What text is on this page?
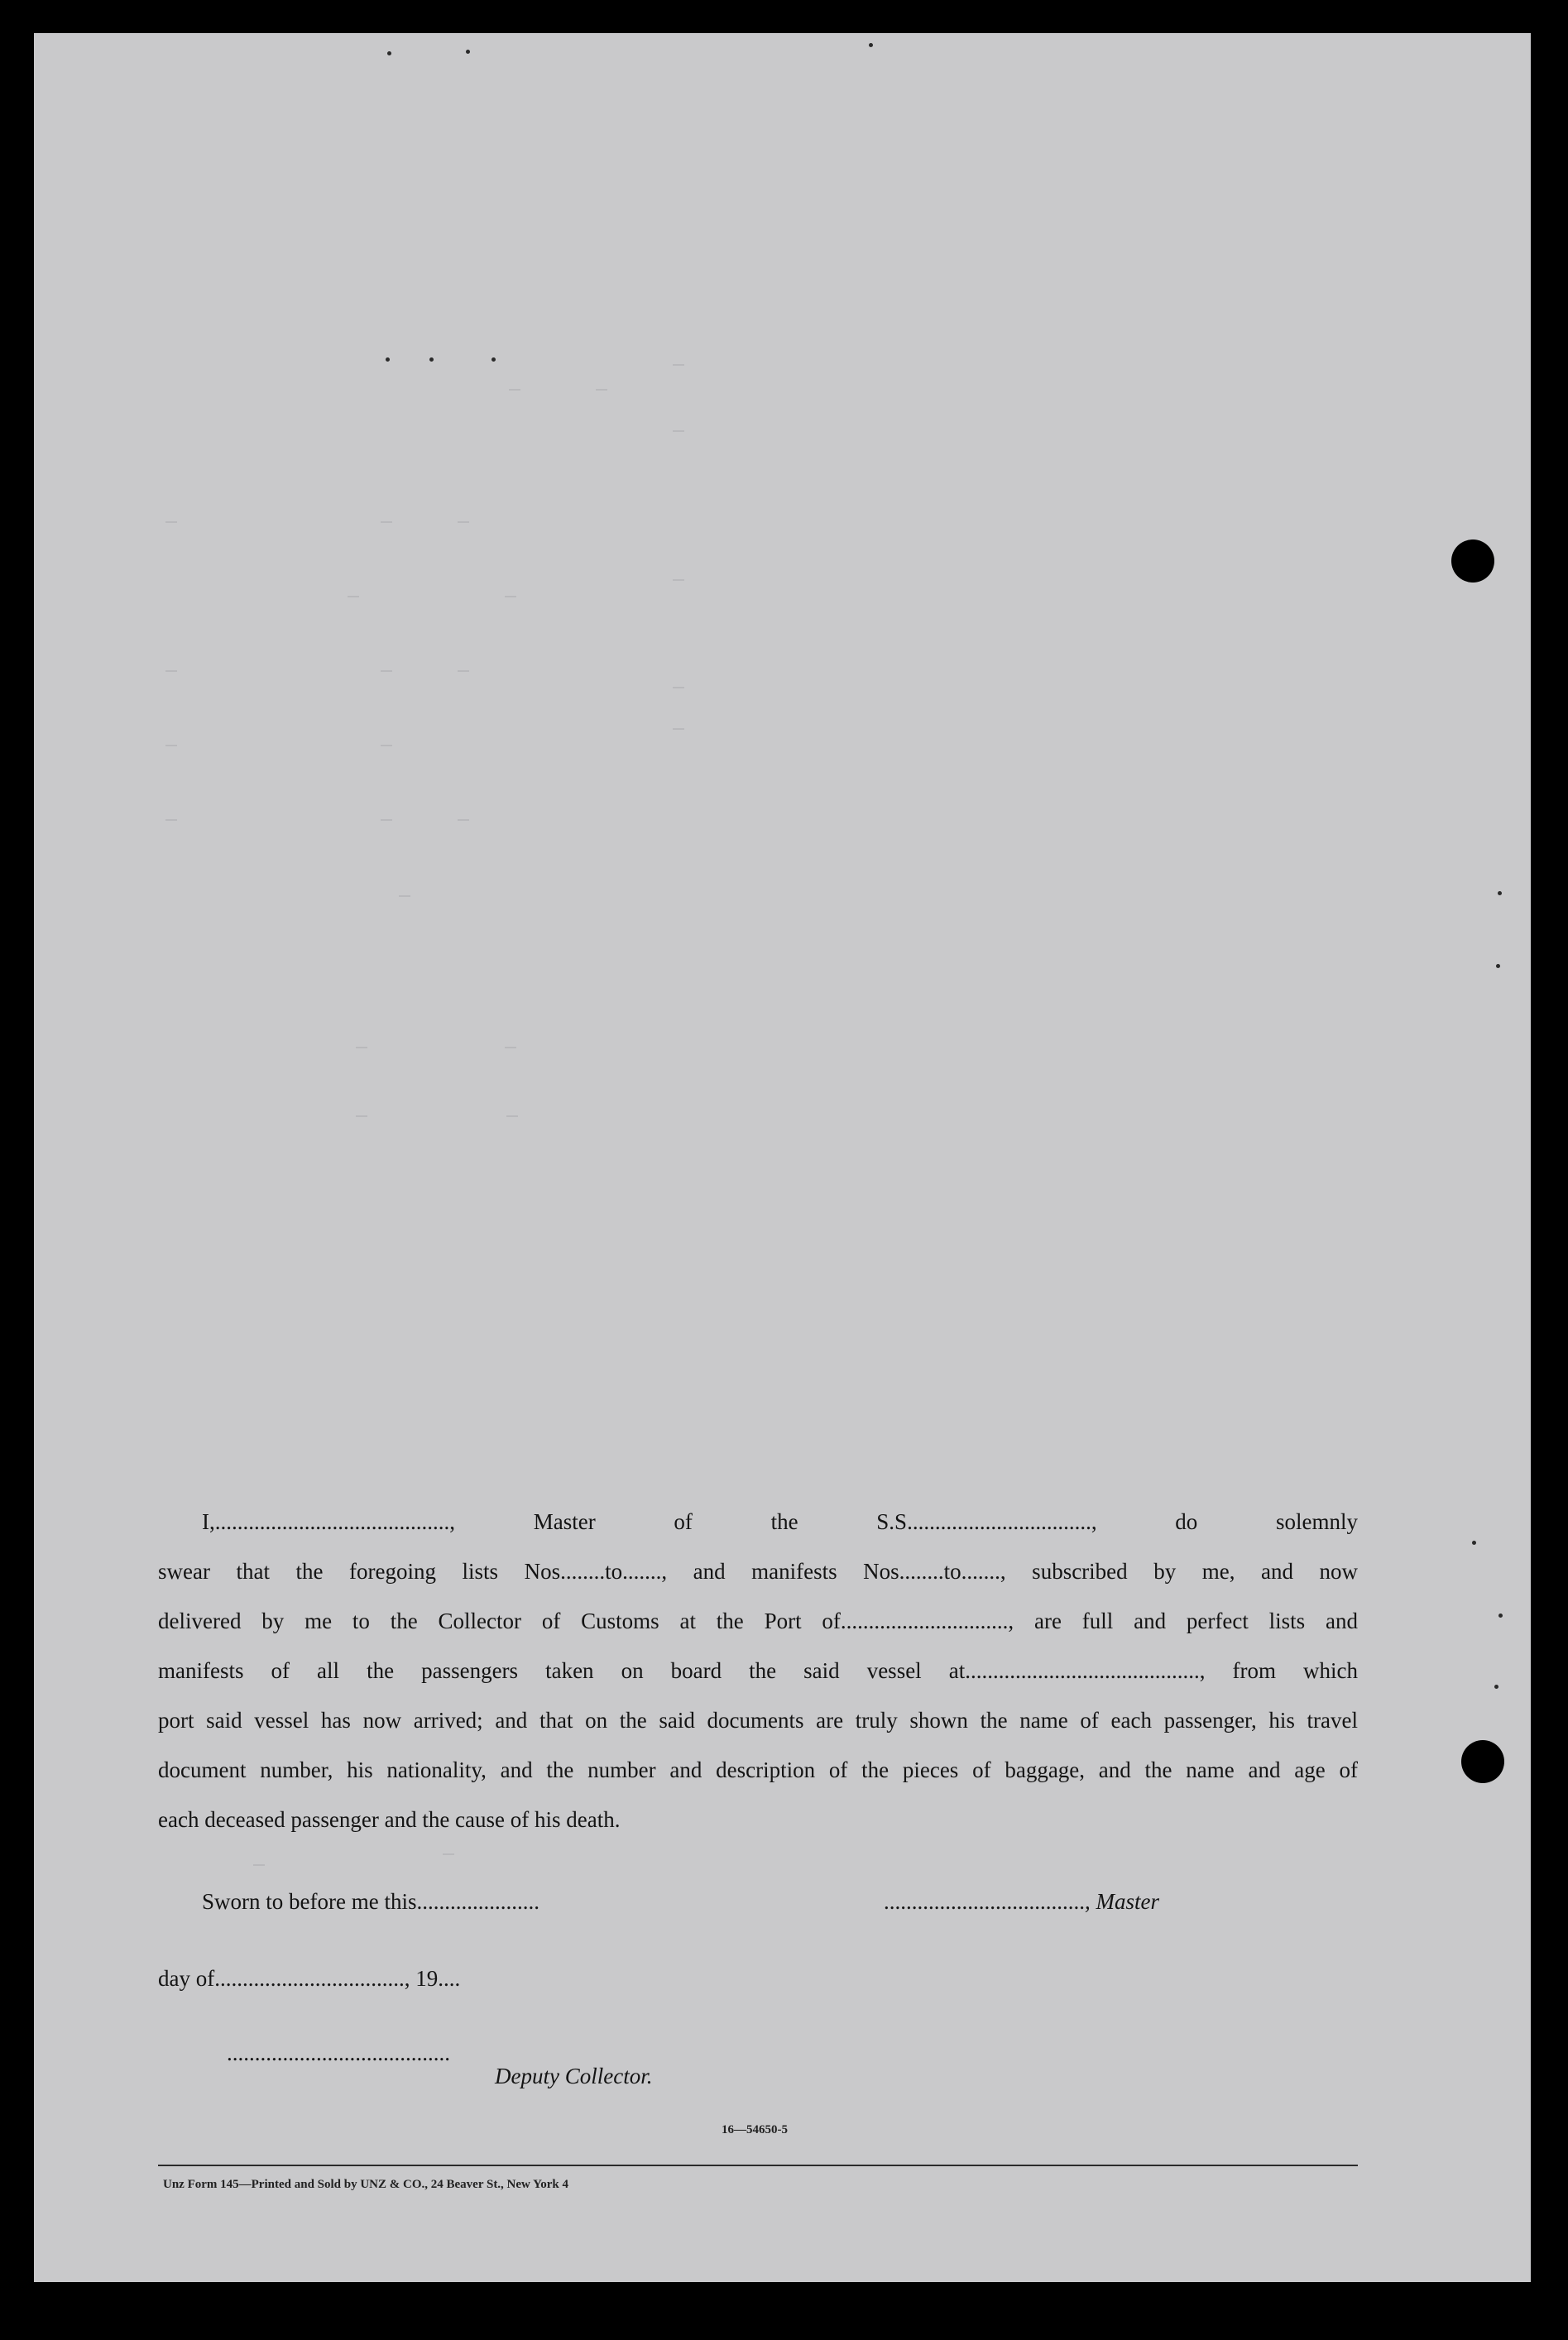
I,.........................................., Master of the S.S................................., do solemnly
swear that the foregoing lists Nos........to......., and manifests Nos........to......., subscribed by me, and now
delivered by me to the Collector of Customs at the Port of.............................., are full and perfect lists and
manifests of all the passengers taken on board the said vessel at.........................................., from which
port said vessel has now arrived; and that on the said documents are truly shown the name of each passenger, his travel
document number, his nationality, and the number and description of the pieces of baggage, and the name and age of
each deceased passenger and the cause of his death.
Sworn to before me this......................	...................................., Master
day of.................................., 19....
........................................
Deputy Collector.
16—54650-5
Unz Form 145—Printed and Sold by UNZ & CO., 24 Beaver St., New York 4
